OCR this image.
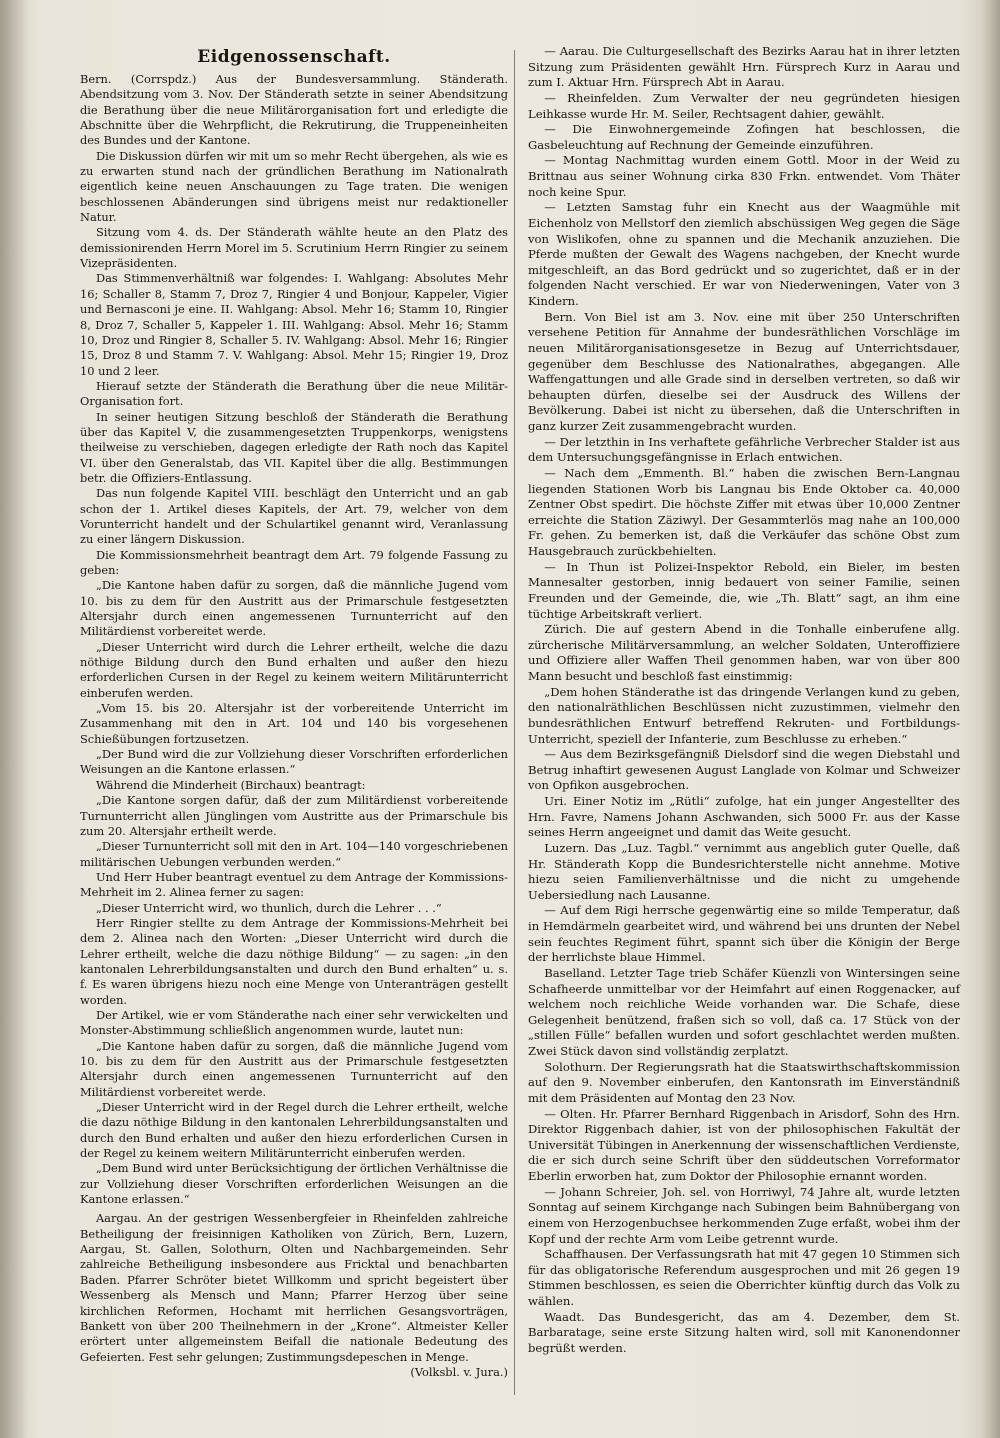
Eidgenossenschaft.

Bern. (Corrspdz.) Aus der Bundesversammlung. Ständerath. Abendsitzung vom 3. Nov. Der Ständerath setzte in seiner Abendsitzung die Berathung über die neue Militärorganisation fort und erledigte die Abschnitte über die Wehrpflicht, die Rekrutirung, die Truppeneinheiten des Bundes und der Kantone.

Die Diskussion dürfen wir mit um so mehr Recht übergehen, als wie es zu erwarten stund nach der gründlichen Berathung im Nationalrath eigentlich keine neuen Anschauungen zu Tage traten. Die wenigen beschlossenen Abänderungen sind übrigens meist nur redaktioneller Natur.

Sitzung vom 4. ds. Der Ständerath wählte heute an den Platz des demissionirenden Herrn Morel im 5. Scrutinium Herrn Ringier zu seinem Vizepräsidenten.

Das Stimmenverhältniß war folgendes: I. Wahlgang: Absolutes Mehr 16; Schaller 8, Stamm 7, Droz 7, Ringier 4 und Bonjour, Kappeler, Vigier und Bernasconi je eine. II. Wahlgang: Absol. Mehr 16; Stamm 10, Ringier 8, Droz 7, Schaller 5, Kappeler 1. III. Wahlgang: Absol. Mehr 16; Stamm 10, Droz und Ringier 8, Schaller 5. IV. Wahlgang: Absol. Mehr 16; Ringier 15, Droz 8 und Stamm 7. V. Wahlgang: Absol. Mehr 15; Ringier 19, Droz 10 und 2 leer.

Hierauf setzte der Ständerath die Berathung über die neue Militär-Organisation fort.

In seiner heutigen Sitzung beschloß der Ständerath die Berathung über das Kapitel V, die zusammengesetzten Truppenkorps, wenigstens theilweise zu verschieben, dagegen erledigte der Rath noch das Kapitel VI. über den Generalstab, das VII. Kapitel über die allg. Bestimmungen betr. die Offiziers-Entlassung.

Das nun folgende Kapitel VIII. beschlägt den Unterricht und an gab schon der 1. Artikel dieses Kapitels, der Art. 79, welcher von dem Vorunterricht handelt und der Schulartikel genannt wird, Veranlassung zu einer längern Diskussion.

Die Kommissionsmehrheit beantragt dem Art. 79 folgende Fassung zu geben:

„Die Kantone haben dafür zu sorgen, daß die männliche Jugend vom 10. bis zu dem für den Austritt aus der Primarschule festgesetzten Altersjahr durch einen angemessenen Turnunterricht auf den Militärdienst vorbereitet werde.

„Dieser Unterricht wird durch die Lehrer ertheilt, welche die dazu nöthige Bildung durch den Bund erhalten und außer den hiezu erforderlichen Cursen in der Regel zu keinem weitern Militärunterricht einberufen werden.

„Vom 15. bis 20. Altersjahr ist der vorbereitende Unterricht im Zusammenhang mit den in Art. 104 und 140 bis vorgesehenen Schießübungen fortzusetzen.

„Der Bund wird die zur Vollziehung dieser Vorschriften erforderlichen Weisungen an die Kantone erlassen.“

Während die Minderheit (Birchaux) beantragt:

„Die Kantone sorgen dafür, daß der zum Militärdienst vorbereitende Turnunterricht allen Jünglingen vom Austritte aus der Primarschule bis zum 20. Altersjahr ertheilt werde.

„Dieser Turnunterricht soll mit den in Art. 104—140 vorgeschriebenen militärischen Uebungen verbunden werden.“

Und Herr Huber beantragt eventuel zu dem Antrage der Kommissions-Mehrheit im 2. Alinea ferner zu sagen:

„Dieser Unterricht wird, wo thunlich, durch die Lehrer . . .“

Herr Ringier stellte zu dem Antrage der Kommissions-Mehrheit bei dem 2. Alinea nach den Worten: „Dieser Unterricht wird durch die Lehrer ertheilt, welche die dazu nöthige Bildung“ — zu sagen: „in den kantonalen Lehrerbildungsanstalten und durch den Bund erhalten“ u. s. f. Es waren übrigens hiezu noch eine Menge von Unteranträgen gestellt worden.

Der Artikel, wie er vom Ständerathe nach einer sehr verwickelten und Monster-Abstimmung schließlich angenommen wurde, lautet nun:

„Die Kantone haben dafür zu sorgen, daß die männliche Jugend vom 10. bis zu dem für den Austritt aus der Primarschule festgesetzten Altersjahr durch einen angemessenen Turnunterricht auf den Militärdienst vorbereitet werde.

„Dieser Unterricht wird in der Regel durch die Lehrer ertheilt, welche die dazu nöthige Bildung in den kantonalen Lehrerbildungsanstalten und durch den Bund erhalten und außer den hiezu erforderlichen Cursen in der Regel zu keinem weitern Militärunterricht einberufen werden.

„Dem Bund wird unter Berücksichtigung der örtlichen Verhältnisse die zur Vollziehung dieser Vorschriften erforderlichen Weisungen an die Kantone erlassen.“

Aargau. An der gestrigen Wessenbergfeier in Rheinfelden zahlreiche Betheiligung der freisinnigen Katholiken von Zürich, Bern, Luzern, Aargau, St. Gallen, Solothurn, Olten und Nachbargemeinden. Sehr zahlreiche Betheiligung insbesondere aus Fricktal und benachbarten Baden. Pfarrer Schröter bietet Willkomm und spricht begeistert über Wessenberg als Mensch und Mann; Pfarrer Herzog über seine kirchlichen Reformen, Hochamt mit herrlichen Gesangsvorträgen, Bankett von über 200 Theilnehmern in der „Krone“. Altmeister Keller erörtert unter allgemeinstem Beifall die nationale Bedeutung des Gefeierten. Fest sehr gelungen; Zustimmungsdepeschen in Menge.

(Volksbl. v. Jura.)

— Aarau. Die Culturgesellschaft des Bezirks Aarau hat in ihrer letzten Sitzung zum Präsidenten gewählt Hrn. Fürsprech Kurz in Aarau und zum I. Aktuar Hrn. Fürsprech Abt in Aarau.

— Rheinfelden. Zum Verwalter der neu gegründeten hiesigen Leihkasse wurde Hr. M. Seiler, Rechtsagent dahier, gewählt.

— Die Einwohnergemeinde Zofingen hat beschlossen, die Gasbeleuchtung auf Rechnung der Gemeinde einzuführen.

— Montag Nachmittag wurden einem Gottl. Moor in der Weid zu Brittnau aus seiner Wohnung cirka 830 Frkn. entwendet. Vom Thäter noch keine Spur.

— Letzten Samstag fuhr ein Knecht aus der Waagmühle mit Eichenholz von Mellstorf den ziemlich abschüssigen Weg gegen die Säge von Wislikofen, ohne zu spannen und die Mechanik anzuziehen. Die Pferde mußten der Gewalt des Wagens nachgeben, der Knecht wurde mitgeschleift, an das Bord gedrückt und so zugerichtet, daß er in der folgenden Nacht verschied. Er war von Niederweningen, Vater von 3 Kindern.

Bern. Von Biel ist am 3. Nov. eine mit über 250 Unterschriften versehene Petition für Annahme der bundesräthlichen Vorschläge im neuen Militärorganisationsgesetze in Bezug auf Unterrichtsdauer, gegenüber dem Beschlusse des Nationalrathes, abgegangen. Alle Waffengattungen und alle Grade sind in derselben vertreten, so daß wir behaupten dürfen, dieselbe sei der Ausdruck des Willens der Bevölkerung. Dabei ist nicht zu übersehen, daß die Unterschriften in ganz kurzer Zeit zusammengebracht wurden.

— Der letzthin in Ins verhaftete gefährliche Verbrecher Stalder ist aus dem Untersuchungsgefängnisse in Erlach entwichen.

— Nach dem „Emmenth. Bl.“ haben die zwischen Bern-Langnau liegenden Stationen Worb bis Langnau bis Ende Oktober ca. 40,000 Zentner Obst spedirt. Die höchste Ziffer mit etwas über 10,000 Zentner erreichte die Station Zäziwyl. Der Gesammterlös mag nahe an 100,000 Fr. gehen. Zu bemerken ist, daß die Verkäufer das schöne Obst zum Hausgebrauch zurückbehielten.

— In Thun ist Polizei-Inspektor Rebold, ein Bieler, im besten Mannesalter gestorben, innig bedauert von seiner Familie, seinen Freunden und der Gemeinde, die, wie „Th. Blatt“ sagt, an ihm eine tüchtige Arbeitskraft verliert.

Zürich. Die auf gestern Abend in die Tonhalle einberufene allg. zürcherische Militärversammlung, an welcher Soldaten, Unteroffiziere und Offiziere aller Waffen Theil genommen haben, war von über 800 Mann besucht und beschloß fast einstimmig:

„Dem hohen Ständerathe ist das dringende Verlangen kund zu geben, den nationalräthlichen Beschlüssen nicht zuzustimmen, vielmehr den bundesräthlichen Entwurf betreffend Rekruten- und Fortbildungs-Unterricht, speziell der Infanterie, zum Beschlusse zu erheben.“

— Aus dem Bezirksgefängniß Dielsdorf sind die wegen Diebstahl und Betrug inhaftirt gewesenen August Langlade von Kolmar und Schweizer von Opfikon ausgebrochen.

Uri. Einer Notiz im „Rütli“ zufolge, hat ein junger Angestellter des Hrn. Favre, Namens Johann Aschwanden, sich 5000 Fr. aus der Kasse seines Herrn angeeignet und damit das Weite gesucht.

Luzern. Das „Luz. Tagbl.“ vernimmt aus angeblich guter Quelle, daß Hr. Ständerath Kopp die Bundesrichterstelle nicht annehme. Motive hiezu seien Familienverhältnisse und die nicht zu umgehende Uebersiedlung nach Lausanne.

— Auf dem Rigi herrsche gegenwärtig eine so milde Temperatur, daß in Hemdärmeln gearbeitet wird, und während bei uns drunten der Nebel sein feuchtes Regiment führt, spannt sich über die Königin der Berge der herrlichste blaue Himmel.

Baselland. Letzter Tage trieb Schäfer Küenzli von Wintersingen seine Schafheerde unmittelbar vor der Heimfahrt auf einen Roggenacker, auf welchem noch reichliche Weide vorhanden war. Die Schafe, diese Gelegenheit benützend, fraßen sich so voll, daß ca. 17 Stück von der „stillen Fülle“ befallen wurden und sofort geschlachtet werden mußten. Zwei Stück davon sind vollständig zerplatzt.

Solothurn. Der Regierungsrath hat die Staatswirthschaftskommission auf den 9. November einberufen, den Kantonsrath im Einverständniß mit dem Präsidenten auf Montag den 23 Nov.

— Olten. Hr. Pfarrer Bernhard Riggenbach in Arisdorf, Sohn des Hrn. Direktor Riggenbach dahier, ist von der philosophischen Fakultät der Universität Tübingen in Anerkennung der wissenschaftlichen Verdienste, die er sich durch seine Schrift über den süddeutschen Vorreformator Eberlin erworben hat, zum Doktor der Philosophie ernannt worden.

— Johann Schreier, Joh. sel. von Horriwyl, 74 Jahre alt, wurde letzten Sonntag auf seinem Kirchgange nach Subingen beim Bahnübergang von einem von Herzogenbuchsee herkommenden Zuge erfaßt, wobei ihm der Kopf und der rechte Arm vom Leibe getrennt wurde.

Schaffhausen. Der Verfassungsrath hat mit 47 gegen 10 Stimmen sich für das obligatorische Referendum ausgesprochen und mit 26 gegen 19 Stimmen beschlossen, es seien die Oberrichter künftig durch das Volk zu wählen.

Waadt. Das Bundesgericht, das am 4. Dezember, dem St. Barbaratage, seine erste Sitzung halten wird, soll mit Kanonendonner begrüßt werden.
